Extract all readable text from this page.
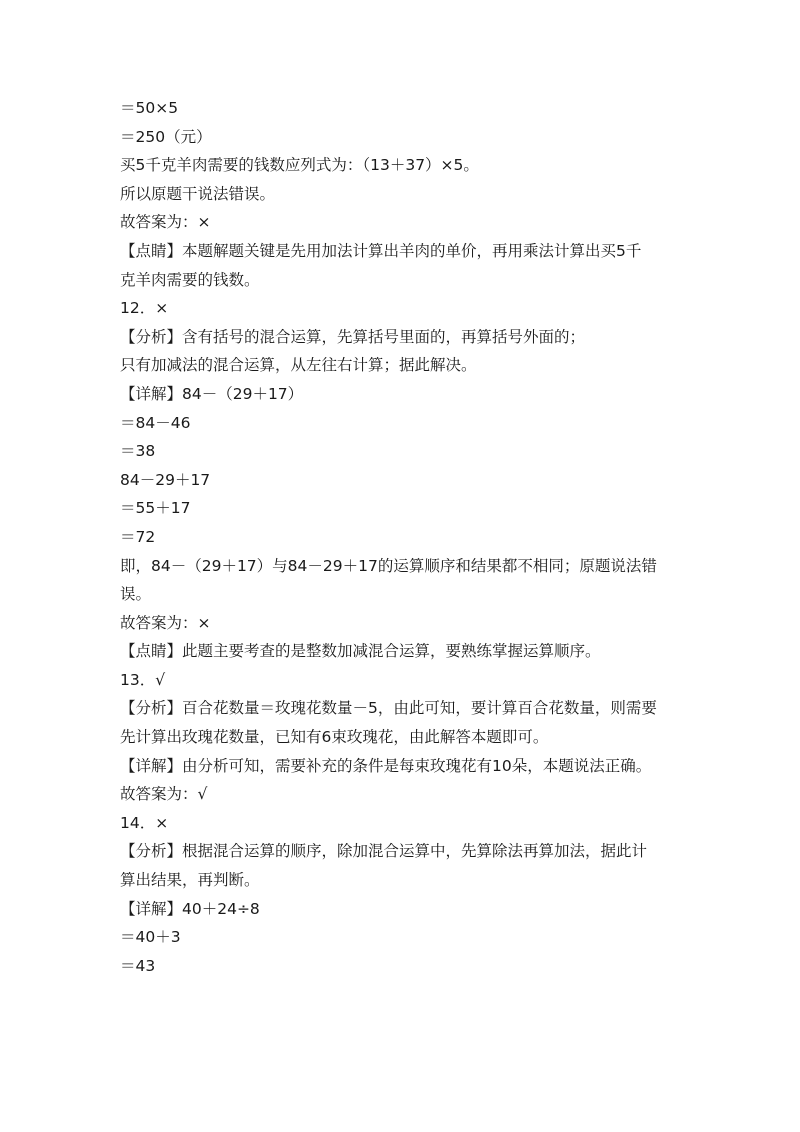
＝50×5
＝250（元）
买5千克羊肉需要的钱数应列式为：（13＋37）×5。
所以原题干说法错误。
故答案为：×
【点睛】本题解题关键是先用加法计算出羊肉的单价，再用乘法计算出买5千
克羊肉需要的钱数。
12．×
【分析】含有括号的混合运算，先算括号里面的，再算括号外面的；
只有加减法的混合运算，从左往右计算；据此解决。
【详解】84－（29＋17）
＝84－46
＝38
84－29＋17
＝55＋17
＝72
即，84－（29＋17）与84－29＋17的运算顺序和结果都不相同；原题说法错
误。
故答案为：×
【点睛】此题主要考查的是整数加减混合运算，要熟练掌握运算顺序。
13．√
【分析】百合花数量＝玫瑰花数量－5，由此可知，要计算百合花数量，则需要
先计算出玫瑰花数量，已知有6束玫瑰花，由此解答本题即可。
【详解】由分析可知，需要补充的条件是每束玫瑰花有10朵，本题说法正确。
故答案为：√
14．×
【分析】根据混合运算的顺序，除加混合运算中，先算除法再算加法，据此计
算出结果，再判断。
【详解】40＋24÷8
＝40＋3
＝43
